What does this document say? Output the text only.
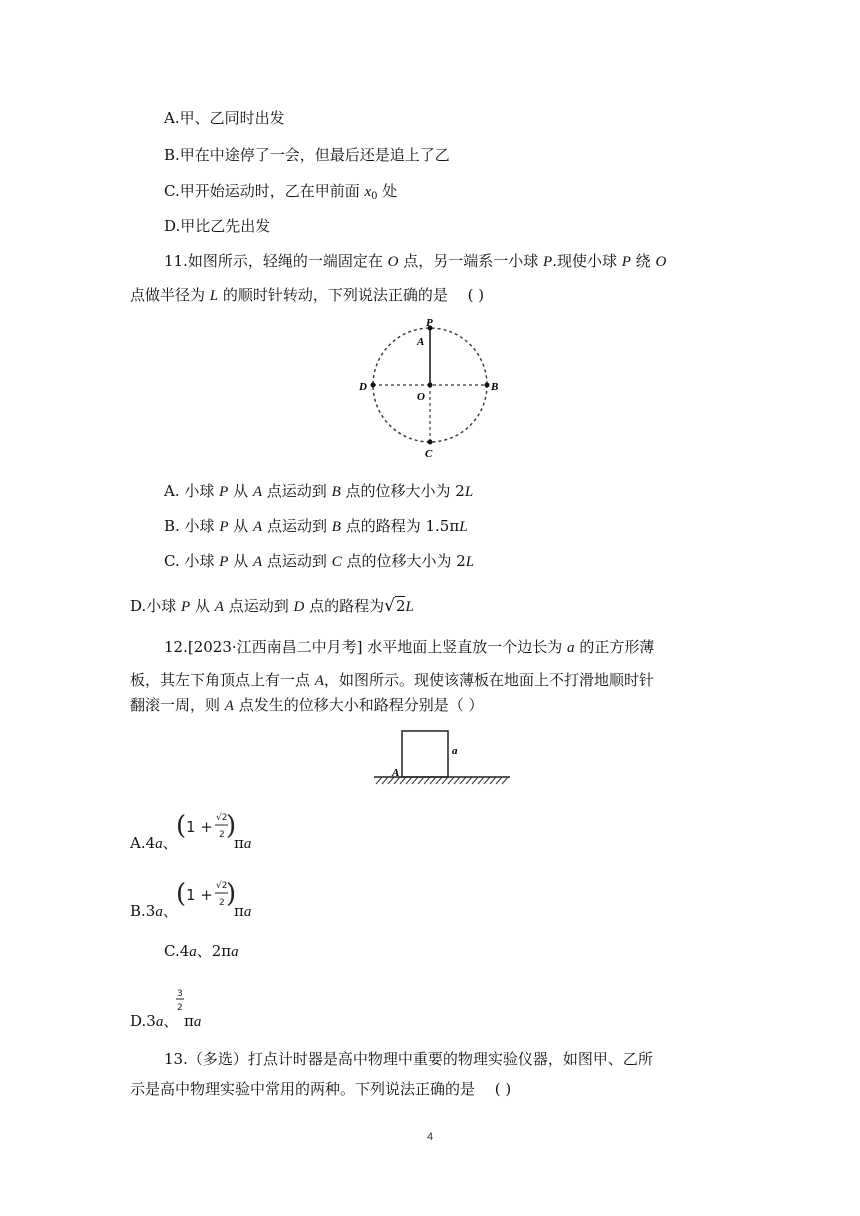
A.甲、乙同时出发
B.甲在中途停了一会，但最后还是追上了乙
C.甲开始运动时，乙在甲前面 $x_0$ 处
D.甲比乙先出发
11.如图所示，轻绳的一端固定在 O 点，另一端系一小球 P.现使小球 P 绕 O
点做半径为 L 的顺时针转动，下列说法正确的是　 ( )
P
A
D
O
B
C
A. 小球 P 从 A 点运动到 B 点的位移大小为 2L
B. 小球 P 从 A 点运动到 B 点的路程为 1.5πL
C. 小球 P 从 A 点运动到 C 点的位移大小为 2L
D.小球 P 从 A 点运动到 D 点的路程为√2L
12.[2023·江西南昌二中月考] 水平地面上竖直放一个边长为 a 的正方形薄
板，其左下角顶点上有一点 A，如图所示。现使该薄板在地面上不打滑地顺时针
翻滚一周，则 A 点发生的位移大小和路程分别是（ ）
a
A
A.4a、
( 1 + √2
2 )
πa
B.3a、
( 1 + √2
2 )
πa
C.4a、2πa
D.3a、
3
2
πa
13.（多选）打点计时器是高中物理中重要的物理实验仪器，如图甲、乙所
示是高中物理实验中常用的两种。下列说法正确的是　 ( )
4
